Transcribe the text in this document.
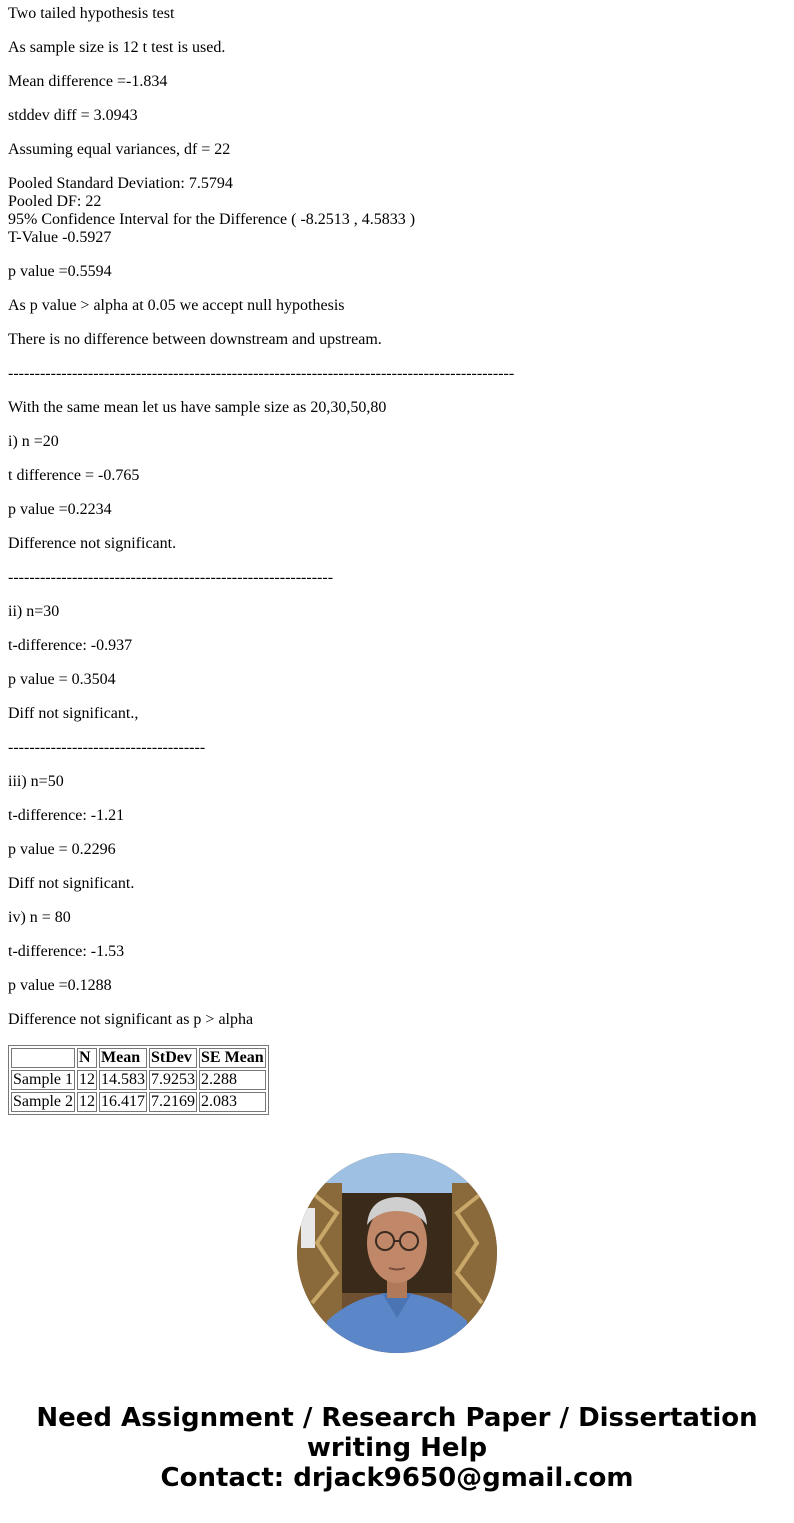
Two tailed hypothesis test

As sample size is 12 t test is used.

Mean difference =-1.834

stddev diff = 3.0943

Assuming equal variances, df = 22

Pooled Standard Deviation: 7.5794
Pooled DF: 22
95% Confidence Interval for the Difference ( -8.2513 , 4.5833 )
T-Value -0.5927

p value =0.5594

As p value > alpha at 0.05 we accept null hypothesis

There is no difference between downstream and upstream.

-----------------------------------------------------------------------------------------------

With the same mean let us have sample size as 20,30,50,80

i) n =20

t difference = -0.765

p value =0.2234

Difference not significant.

-------------------------------------------------------------

ii) n=30

t-difference: -0.937

p value = 0.3504

Diff not significant.,

-------------------------------------

iii) n=50

t-difference: -1.21

p value = 0.2296

Diff not significant.

iv) n = 80

t-difference: -1.53

p value =0.1288

Difference not significant as p > alpha

	N	Mean	StDev	SE Mean
Sample 1	12	14.583	7.9253	2.288
Sample 2	12	16.417	7.2169	2.083
Need Assignment / Research Paper / Dissertation
writing Help
Contact: drjack9650@gmail.com
